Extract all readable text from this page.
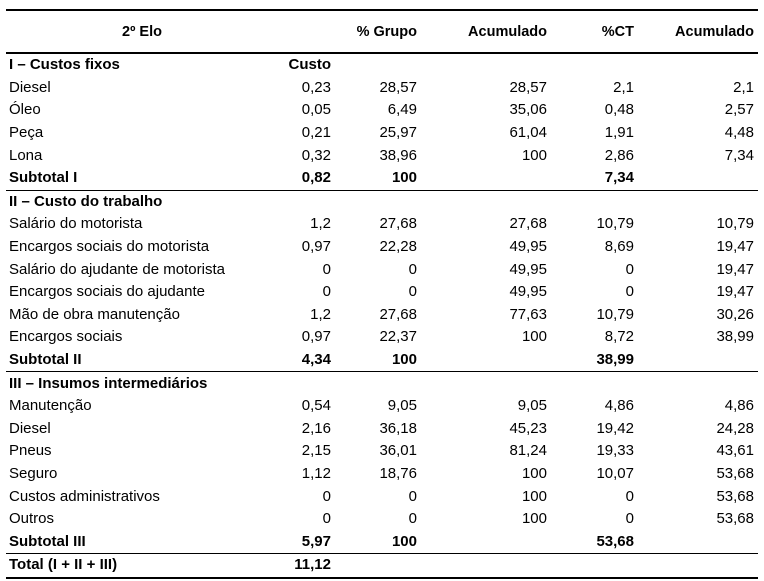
2º Elo		% Grupo	Acumulado	%CT	Acumulado
I – Custos fixos	Custo				
Diesel	0,23	28,57	28,57	2,1	2,1
Óleo	0,05	6,49	35,06	0,48	2,57
Peça	0,21	25,97	61,04	1,91	4,48
Lona	0,32	38,96	100	2,86	7,34
Subtotal I	0,82	100		7,34	
II – Custo do trabalho					
Salário do motorista	1,2	27,68	27,68	10,79	10,79
Encargos sociais do motorista	0,97	22,28	49,95	8,69	19,47
Salário do ajudante de motorista	0	0	49,95	0	19,47
Encargos sociais do ajudante	0	0	49,95	0	19,47
Mão de obra manutenção	1,2	27,68	77,63	10,79	30,26
Encargos sociais	0,97	22,37	100	8,72	38,99
Subtotal II	4,34	100		38,99	
III – Insumos intermediários					
Manutenção	0,54	9,05	9,05	4,86	4,86
Diesel	2,16	36,18	45,23	19,42	24,28
Pneus	2,15	36,01	81,24	19,33	43,61
Seguro	1,12	18,76	100	10,07	53,68
Custos administrativos	0	0	100	0	53,68
Outros	0	0	100	0	53,68
Subtotal III	5,97	100		53,68	
Total (I + II + III)	11,12				
